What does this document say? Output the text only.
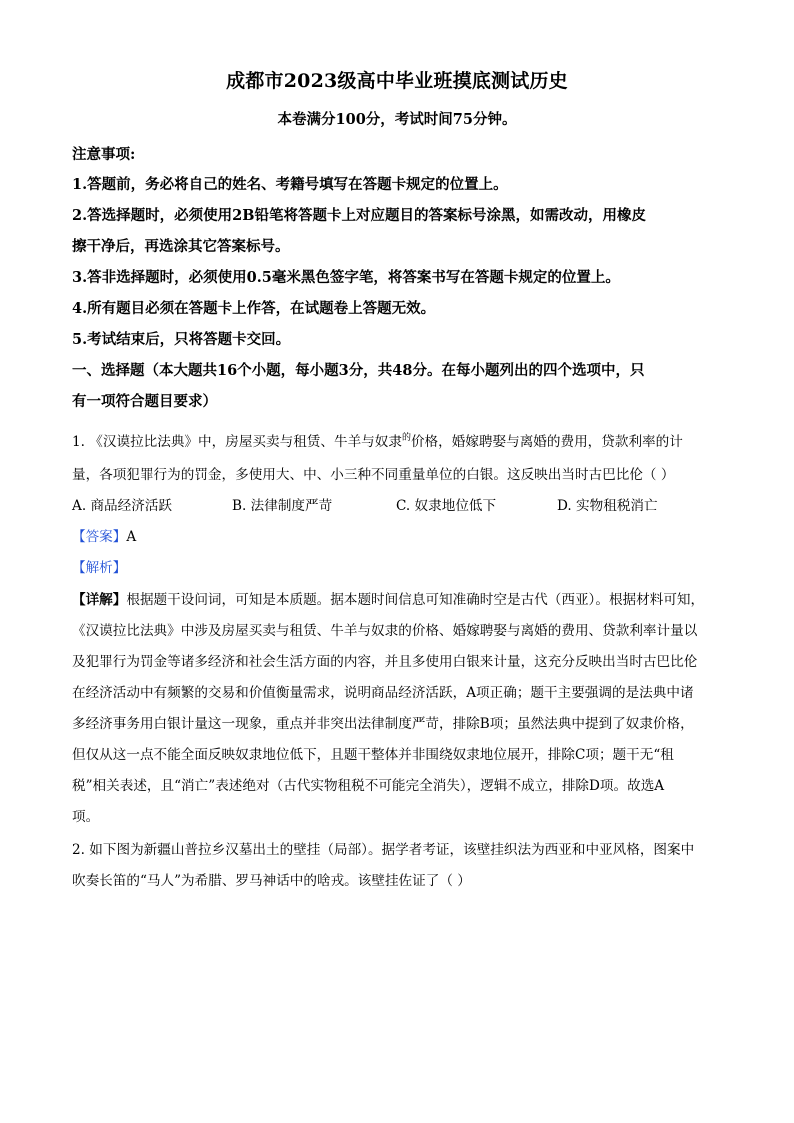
成都市2023级高中毕业班摸底测试历史
本卷满分100分，考试时间75分钟。
注意事项:
1.答题前，务必将自己的姓名、考籍号填写在答题卡规定的位置上。
2.答选择题时，必须使用2B铅笔将答题卡上对应题目的答案标号涂黑，如需改动，用橡皮
擦干净后，再选涂其它答案标号。
3.答非选择题时，必须使用0.5毫米黑色签字笔，将答案书写在答题卡规定的位置上。
4.所有题目必须在答题卡上作答，在试题卷上答题无效。
5.考试结束后，只将答题卡交回。
一、选择题（本大题共16个小题，每小题3分，共48分。在每小题列出的四个选项中，只
有一项符合题目要求）
1. 《汉谟拉比法典》中，房屋买卖与租赁、牛羊与奴隶$^的$价格，婚嫁聘娶与离婚的费用，贷款利率的计
量，各项犯罪行为的罚金，多使用大、中、小三种不同重量单位的白银。这反映出当时古巴比伦（ ）
A. 商品经济活跃	B. 法律制度严苛	C. 奴隶地位低下	D. 实物租税消亡
【答案】A
【解析】
【详解】根据题干设问词，可知是本质题。据本题时间信息可知准确时空是古代（西亚）。根据材料可知，
《汉谟拉比法典》中涉及房屋买卖与租赁、牛羊与奴隶的价格、婚嫁聘娶与离婚的费用、贷款利率计量以
及犯罪行为罚金等诸多经济和社会生活方面的内容，并且多使用白银来计量，这充分反映出当时古巴比伦
在经济活动中有频繁的交易和价值衡量需求，说明商品经济活跃，A项正确；题干主要强调的是法典中诸
多经济事务用白银计量这一现象，重点并非突出法律制度严苛，排除B项；虽然法典中提到了奴隶价格，
但仅从这一点不能全面反映奴隶地位低下，且题干整体并非围绕奴隶地位展开，排除C项；题干无“租
税”相关表述，且“消亡”表述绝对（古代实物租税不可能完全消失），逻辑不成立，排除D项。故选A
项。
2. 如下图为新疆山普拉乡汉墓出土的壁挂（局部）。据学者考证，该壁挂织法为西亚和中亚风格，图案中
吹奏长笛的“马人”为希腊、罗马神话中的啥戎。该壁挂佐证了（ ）
